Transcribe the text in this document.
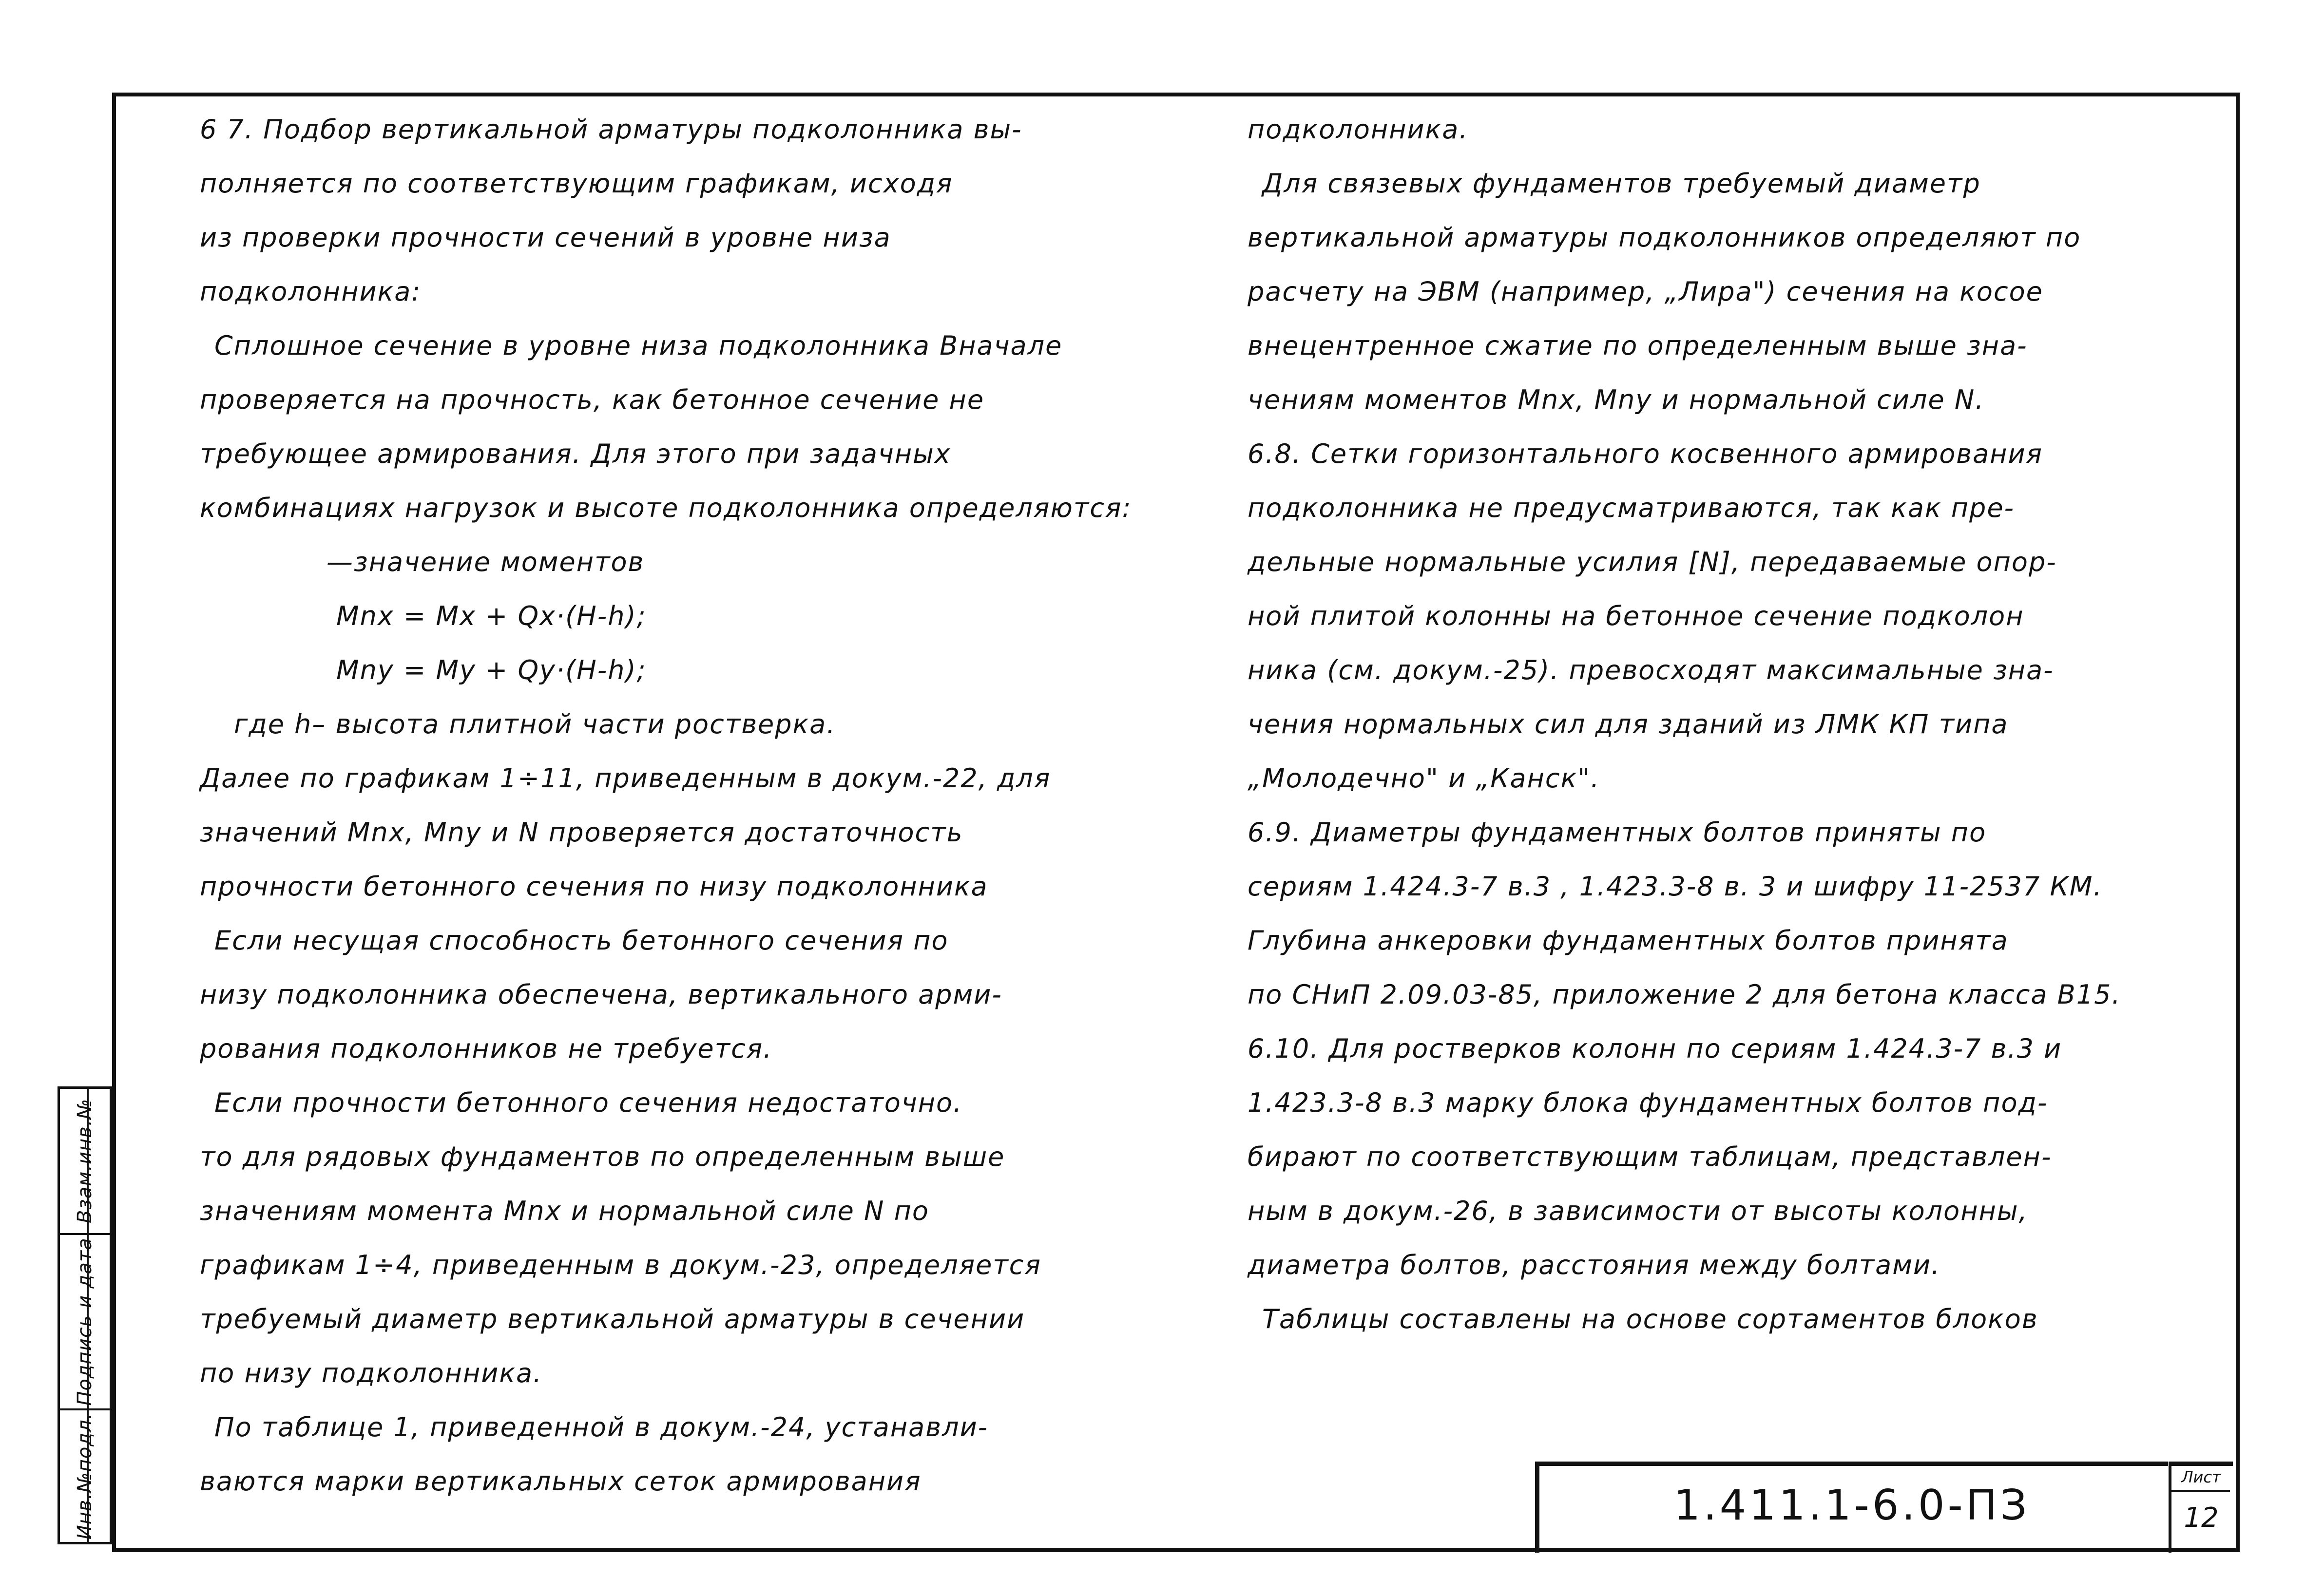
6 7. Подбор вертикальной арматуры подколонника вы-
полняется по соответствующим графикам, исходя
из проверки прочности сечений в уровне низа
подколонника:
Сплошное сечение в уровне низа подколонника Вначале
проверяется на прочность, как бетонное сечение не
требующее армирования. Для этого при задачных
комбинациях нагрузок и высоте подколонника определяются:
—значение моментов
Mnx = Mx + Qx·(H-h);
Mny = My + Qy·(H-h);
где h– высота плитной части ростверка.
Далее по графикам 1÷11, приведенным в докум.-22, для
значений Mnx, Mny и N проверяется достаточность
прочности бетонного сечения по низу подколонника
Если несущая способность бетонного сечения по
низу подколонника обеспечена, вертикального арми-
рования подколонников не требуется.
Если прочности бетонного сечения недостаточно.
то для рядовых фундаментов по определенным выше
значениям момента Mnx и нормальной силе N по
графикам 1÷4, приведенным в докум.-23, определяется
требуемый диаметр вертикальной арматуры в сечении
по низу подколонника.
По таблице 1, приведенной в докум.-24, устанавли-
ваются марки вертикальных сеток армирования
подколонника.
Для связевых фундаментов требуемый диаметр
вертикальной арматуры подколонников определяют по
расчету на ЭВМ (например, „Лира") сечения на косое
внецентренное сжатие по определенным выше зна-
чениям моментов Mnx, Mny и нормальной силе N.
6.8. Сетки горизонтального косвенного армирования
подколонника не предусматриваются, так как пре-
дельные нормальные усилия [N], передаваемые опор-
ной плитой колонны на бетонное сечение подколон
ника (см. докум.-25). превосходят максимальные зна-
чения нормальных сил для зданий из ЛМК КП типа
„Молодечно" и „Канск".
6.9. Диаметры фундаментных болтов приняты по
сериям 1.424.3-7 в.3 , 1.423.3-8 в. 3 и шифру 11-2537 КМ.
Глубина анкеровки фундаментных болтов принята
по СНиП 2.09.03-85, приложение 2 для бетона класса В15.
6.10. Для ростверков колонн по сериям 1.424.3-7 в.3 и
1.423.3-8 в.3 марку блока фундаментных болтов под-
бирают по соответствующим таблицам, представлен-
ным в докум.-26, в зависимости от высоты колонны,
диаметра болтов, расстояния между болтами.
Таблицы составлены на основе сортаментов блоков
Взам.инв.№
Подпись и дата
Инв.№подл.	1.411.1-6.0-ПЗ
Лист
12
